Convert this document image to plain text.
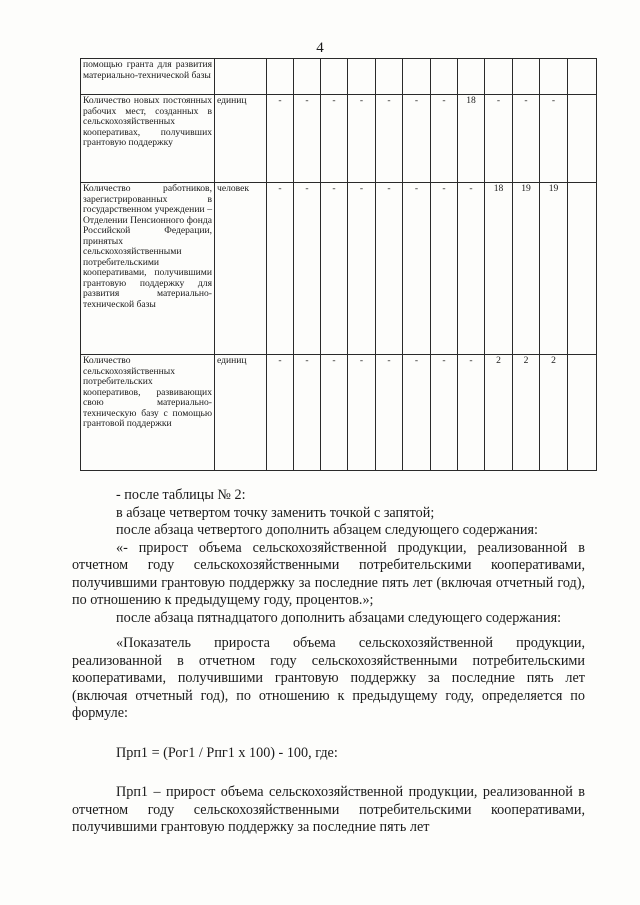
4
помощью гранта для развития материально-технической базы													
Количество новых постоянных рабочих мест, созданных в сельскохозяйственных кооперативах, получивших грантовую поддержку	единиц	-	-	-	-	-	-	-	18	-	-	-	
Количество работников, зарегистрированных в государственном учреждении – Отделении Пенсионного фонда Российской Федерации, принятых сельскохозяйственными потребительскими кооперативами, получившими грантовую поддержку для развития материально-технической базы	человек	-	-	-	-	-	-	-	-	18	19	19	
Количество сельскохозяйственных потребительских кооперативов, развивающих свою материально-техническую базу с помощью грантовой поддержки	единиц	-	-	-	-	-	-	-	-	2	2	2	

- после таблицы № 2:

в абзаце четвертом точку заменить точкой с запятой;

после абзаца четвертого дополнить абзацем следующего содержания:

«- прирост объема сельскохозяйственной продукции, реализованной в отчетном году сельскохозяйственными потребительскими кооперативами, получившими грантовую поддержку за последние пять лет (включая отчетный год), по отношению к предыдущему году, процентов.»;

после абзаца пятнадцатого дополнить абзацами следующего содержания:

«Показатель прироста объема сельскохозяйственной продукции, реализованной в отчетном году сельскохозяйственными потребительскими кооперативами, получившими грантовую поддержку за последние пять лет (включая отчетный год), по отношению к предыдущему году, определяется по формуле:

Прп1 = (Рог1 / Рпг1 х 100) - 100, где:

Прп1 – прирост объема сельскохозяйственной продукции, реализованной в отчетном году сельскохозяйственными потребительскими кооперативами, получившими грантовую поддержку за последние пять лет
